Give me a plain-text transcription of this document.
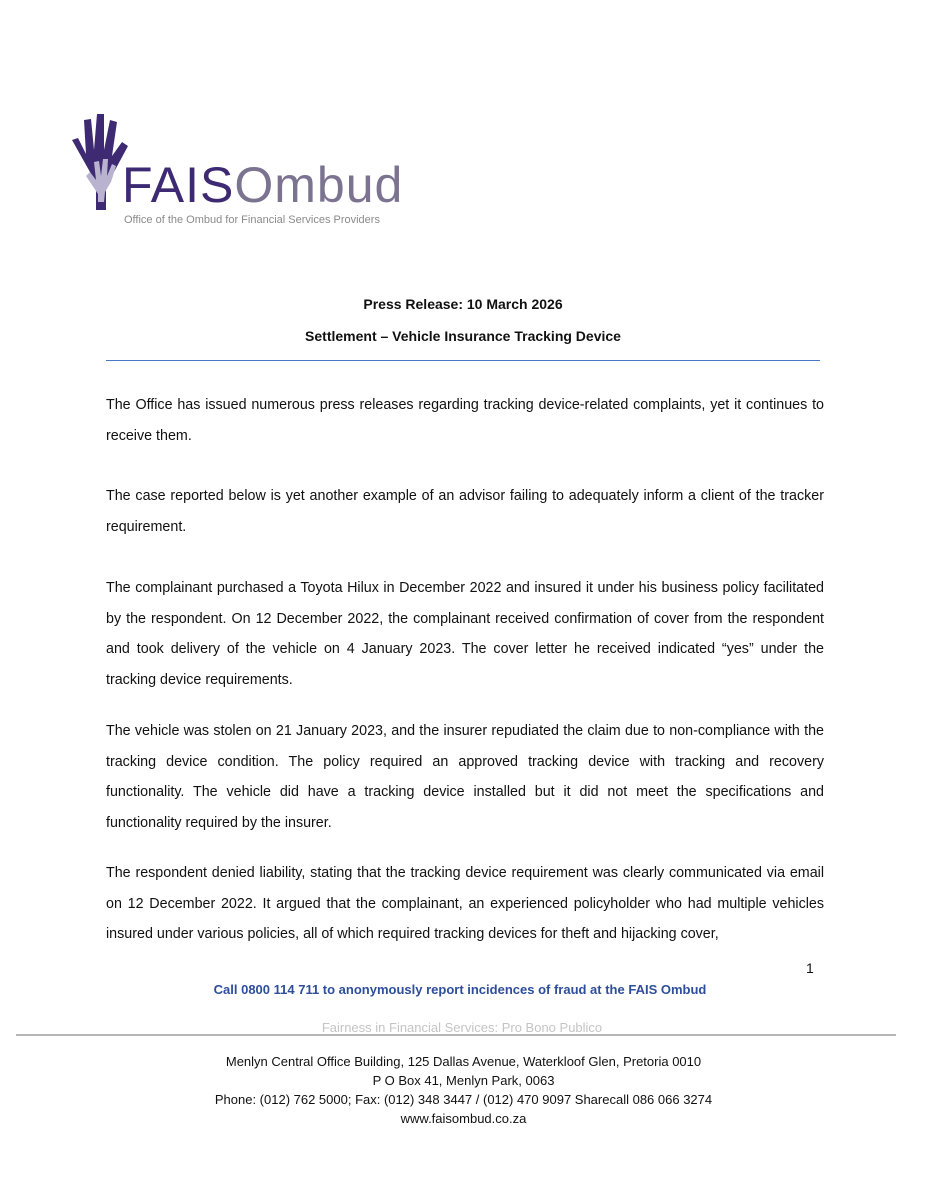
FAISOmbud
Office of the Ombud for Financial Services Providers
Press Release: 10 March 2026
Settlement – Vehicle Insurance Tracking Device

The Office has issued numerous press releases regarding tracking device-related complaints, yet it continues to receive them.

The case reported below is yet another example of an advisor failing to adequately inform a client of the tracker requirement.

The complainant purchased a Toyota Hilux in December 2022 and insured it under his business policy facilitated by the respondent. On 12 December 2022, the complainant received confirmation of cover from the respondent and took delivery of the vehicle on 4 January 2023. The cover letter he received indicated “yes” under the tracking device requirements.

The vehicle was stolen on 21 January 2023, and the insurer repudiated the claim due to non-compliance with the tracking device condition. The policy required an approved tracking device with tracking and recovery functionality. The vehicle did have a tracking device installed but it did not meet the specifications and functionality required by the insurer.

The respondent denied liability, stating that the tracking device requirement was clearly communicated via email on 12 December 2022. It argued that the complainant, an experienced policyholder who had multiple vehicles insured under various policies, all of which required tracking devices for theft and hijacking cover,

1
Call 0800 114 711 to anonymously report incidences of fraud at the FAIS Ombud
Fairness in Financial Services: Pro Bono Publico
Menlyn Central Office Building, 125 Dallas Avenue, Waterkloof Glen, Pretoria 0010
P O Box 41, Menlyn Park, 0063
Phone: (012) 762 5000; Fax: (012) 348 3447 / (012) 470 9097 Sharecall 086 066 3274
www.faisombud.co.za
